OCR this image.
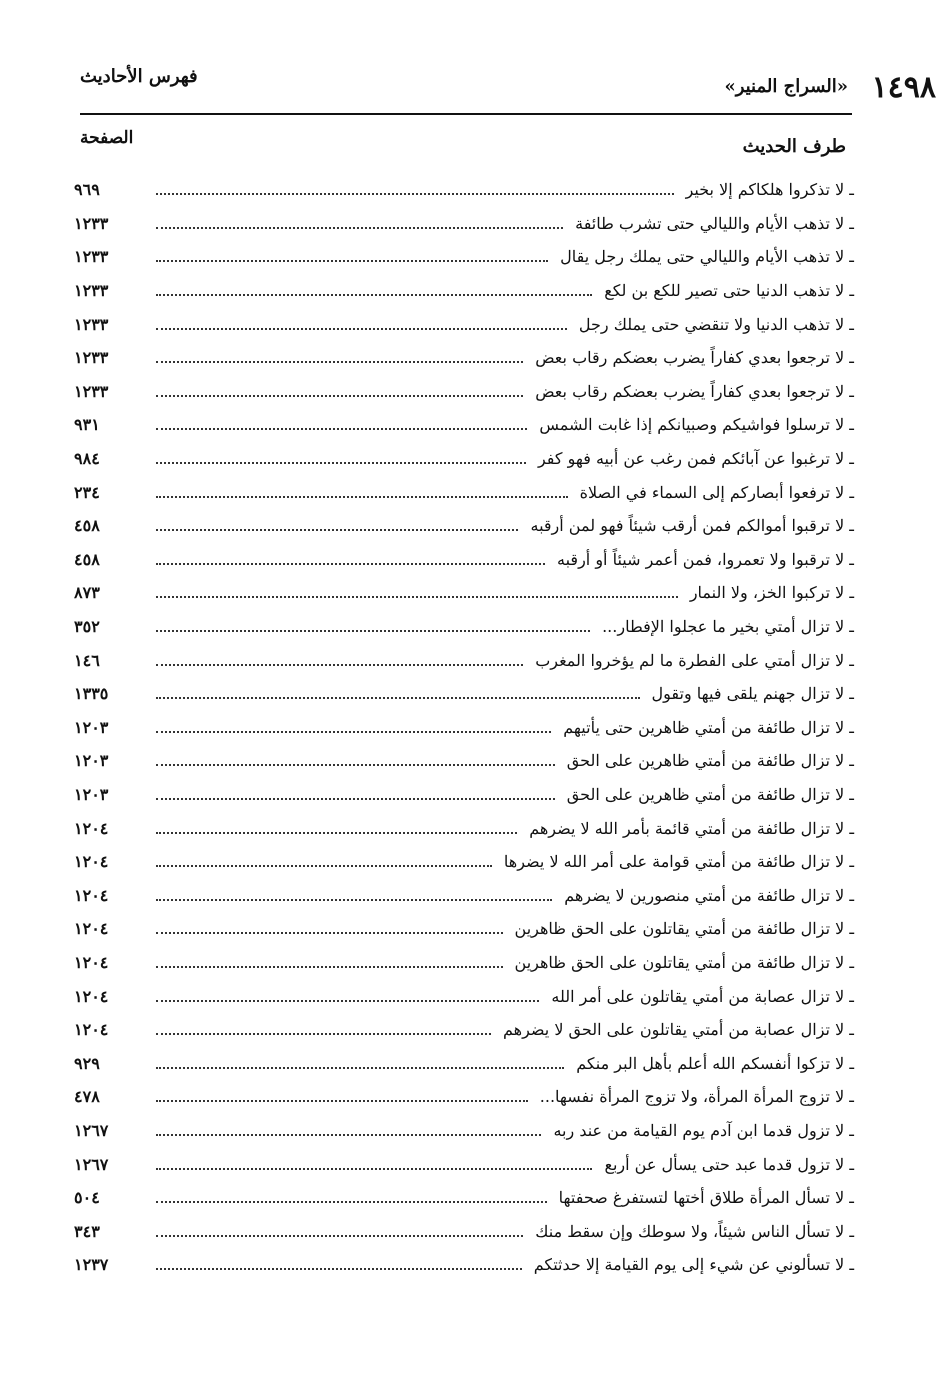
١٤٩٨
«السراج المنير»
فهرس الأحاديث
طرف الحديث
الصفحة
ـ لا تذكروا هلكاكم إلا بخير
٩٦٩
ـ لا تذهب الأيام والليالي حتى تشرب طائفة
١٢٣٣
ـ لا تذهب الأيام والليالي حتى يملك رجل يقال
١٢٣٣
ـ لا تذهب الدنيا حتى تصير للكع بن لكع
١٢٣٣
ـ لا تذهب الدنيا ولا تنقضي حتى يملك رجل
١٢٣٣
ـ لا ترجعوا بعدي كفاراً يضرب بعضكم رقاب بعض
١٢٣٣
ـ لا ترجعوا بعدي كفاراً يضرب بعضكم رقاب بعض
١٢٣٣
ـ لا ترسلوا فواشيكم وصبيانكم إذا غابت الشمس
٩٣١
ـ لا ترغبوا عن آبائكم فمن رغب عن أبيه فهو كفر
٩٨٤
ـ لا ترفعوا أبصاركم إلى السماء في الصلاة
٢٣٤
ـ لا ترقبوا أموالكم فمن أرقب شيئاً فهو لمن أرقبه
٤٥٨
ـ لا ترقبوا ولا تعمروا، فمن أعمر شيئاً أو أرقبه
٤٥٨
ـ لا تركبوا الخز، ولا النمار
٨٧٣
ـ لا تزال أمتي بخير ما عجلوا الإفطار...
٣٥٢
ـ لا تزال أمتي على الفطرة ما لم يؤخروا المغرب
١٤٦
ـ لا تزال جهنم يلقى فيها وتقول
١٣٣٥
ـ لا تزال طائفة من أمتي ظاهرين حتى يأتيهم
١٢٠٣
ـ لا تزال طائفة من أمتي ظاهرين على الحق
١٢٠٣
ـ لا تزال طائفة من أمتي ظاهرين على الحق
١٢٠٣
ـ لا تزال طائفة من أمتي قائمة بأمر الله لا يضرهم
١٢٠٤
ـ لا تزال طائفة من أمتي قوامة على أمر الله لا يضرها
١٢٠٤
ـ لا تزال طائفة من أمتي منصورين لا يضرهم
١٢٠٤
ـ لا تزال طائفة من أمتي يقاتلون على الحق ظاهرين
١٢٠٤
ـ لا تزال طائفة من أمتي يقاتلون على الحق ظاهرين
١٢٠٤
ـ لا تزال عصابة من أمتي يقاتلون على أمر الله
١٢٠٤
ـ لا تزال عصابة من أمتي يقاتلون على الحق لا يضرهم
١٢٠٤
ـ لا تزكوا أنفسكم الله أعلم بأهل البر منكم
٩٢٩
ـ لا تزوج المرأة المرأة، ولا تزوج المرأة نفسها...
٤٧٨
ـ لا تزول قدما ابن آدم يوم القيامة من عند ربه
١٢٦٧
ـ لا تزول قدما عبد حتى يسأل عن أربع
١٢٦٧
ـ لا تسأل المرأة طلاق أختها لتستفرغ صحفتها
٥٠٤
ـ لا تسأل الناس شيئاً، ولا سوطك وإن سقط منك
٣٤٣
ـ لا تسألوني عن شيء إلى يوم القيامة إلا حدثتكم
١٢٣٧
